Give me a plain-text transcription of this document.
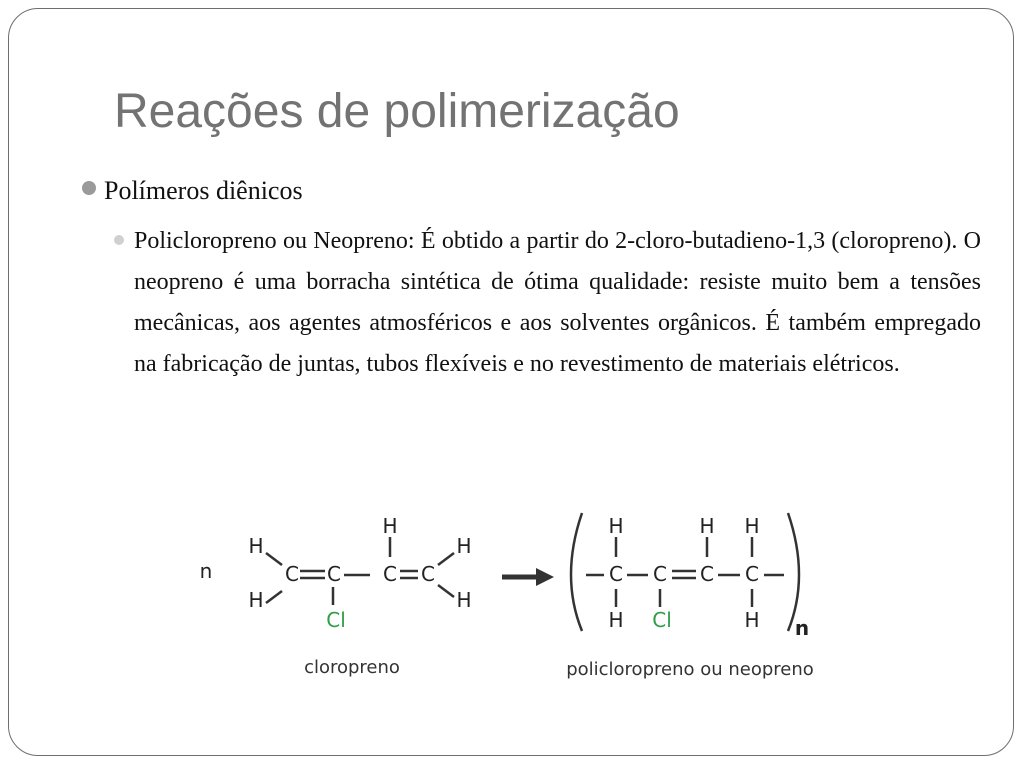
Reações de polimerização
Polímeros diênicos

Policloropreno ou Neopreno: É obtido a partir do 2-cloro-butadieno-1,3 (cloropreno). O neopreno é uma borracha sintética de ótima qualidade: resiste muito bem a tensões mecânicas, aos agentes atmosféricos e aos solventes orgânicos. É também empregado na fabricação de juntas, tubos flexíveis e no revestimento de materiais elétricos.

n
H
H
C C
H
C C
H
H
Cl
H
C
H
C
Cl
H
C
H
C
H n
cloropreno	policloropreno ou neopreno
